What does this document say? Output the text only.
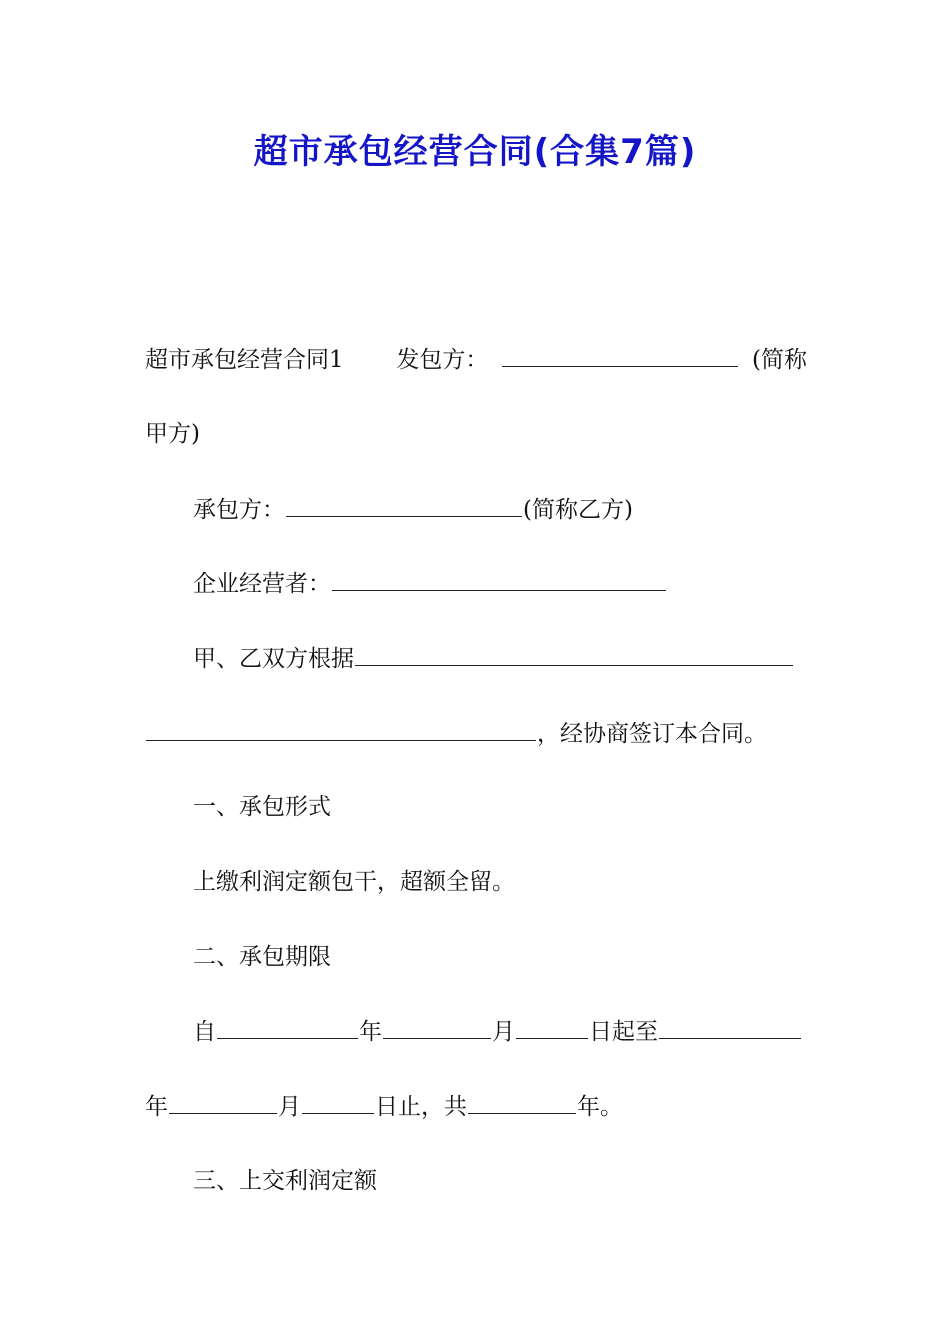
超市承包经营合同(合集7篇)
超市承包经营合同1 发包方：	(简称
甲方)
承包方：	(简称乙方)
企业经营者：
甲、乙双方根据
，经协商签订本合同。
一、承包形式
上缴利润定额包干，超额全留。
二、承包期限
自	年	月	日起至
年	月	日止，共	年。
三、上交利润定额
